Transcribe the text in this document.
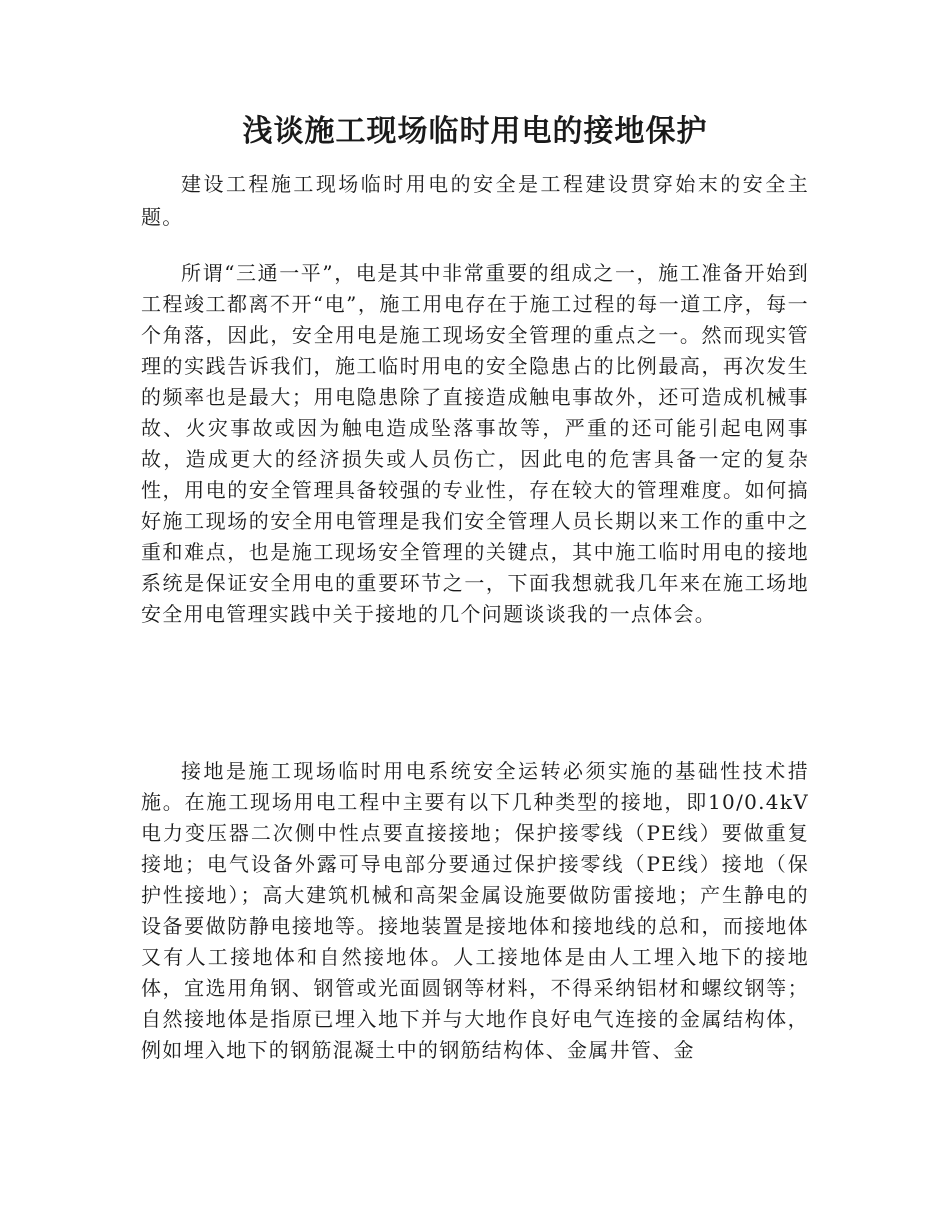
浅谈施工现场临时用电的接地保护

建设工程施工现场临时用电的安全是工程建设贯穿始末的安全主题。

所谓“三通一平”，电是其中非常重要的组成之一，施工准备开始到工程竣工都离不开“电”，施工用电存在于施工过程的每一道工序，每一个角落，因此，安全用电是施工现场安全管理的重点之一。然而现实管理的实践告诉我们，施工临时用电的安全隐患占的比例最高，再次发生的频率也是最大；用电隐患除了直接造成触电事故外，还可造成机械事故、火灾事故或因为触电造成坠落事故等，严重的还可能引起电网事故，造成更大的经济损失或人员伤亡，因此电的危害具备一定的复杂性，用电的安全管理具备较强的专业性，存在较大的管理难度。如何搞好施工现场的安全用电管理是我们安全管理人员长期以来工作的重中之重和难点，也是施工现场安全管理的关键点，其中施工临时用电的接地系统是保证安全用电的重要环节之一，下面我想就我几年来在施工场地安全用电管理实践中关于接地的几个问题谈谈我的一点体会。

接地是施工现场临时用电系统安全运转必须实施的基础性技术措施。在施工现场用电工程中主要有以下几种类型的接地，即10/0.4kV电力变压器二次侧中性点要直接接地；保护接零线（PE线）要做重复接地；电气设备外露可导电部分要通过保护接零线（PE线）接地（保护性接地）；高大建筑机械和高架金属设施要做防雷接地；产生静电的设备要做防静电接地等。接地装置是接地体和接地线的总和，而接地体又有人工接地体和自然接地体。人工接地体是由人工埋入地下的接地体，宜选用角钢、钢管或光面圆钢等材料，不得采纳铝材和螺纹钢等；自然接地体是指原已埋入地下并与大地作良好电气连接的金属结构体，例如埋入地下的钢筋混凝土中的钢筋结构体、金属井管、金
